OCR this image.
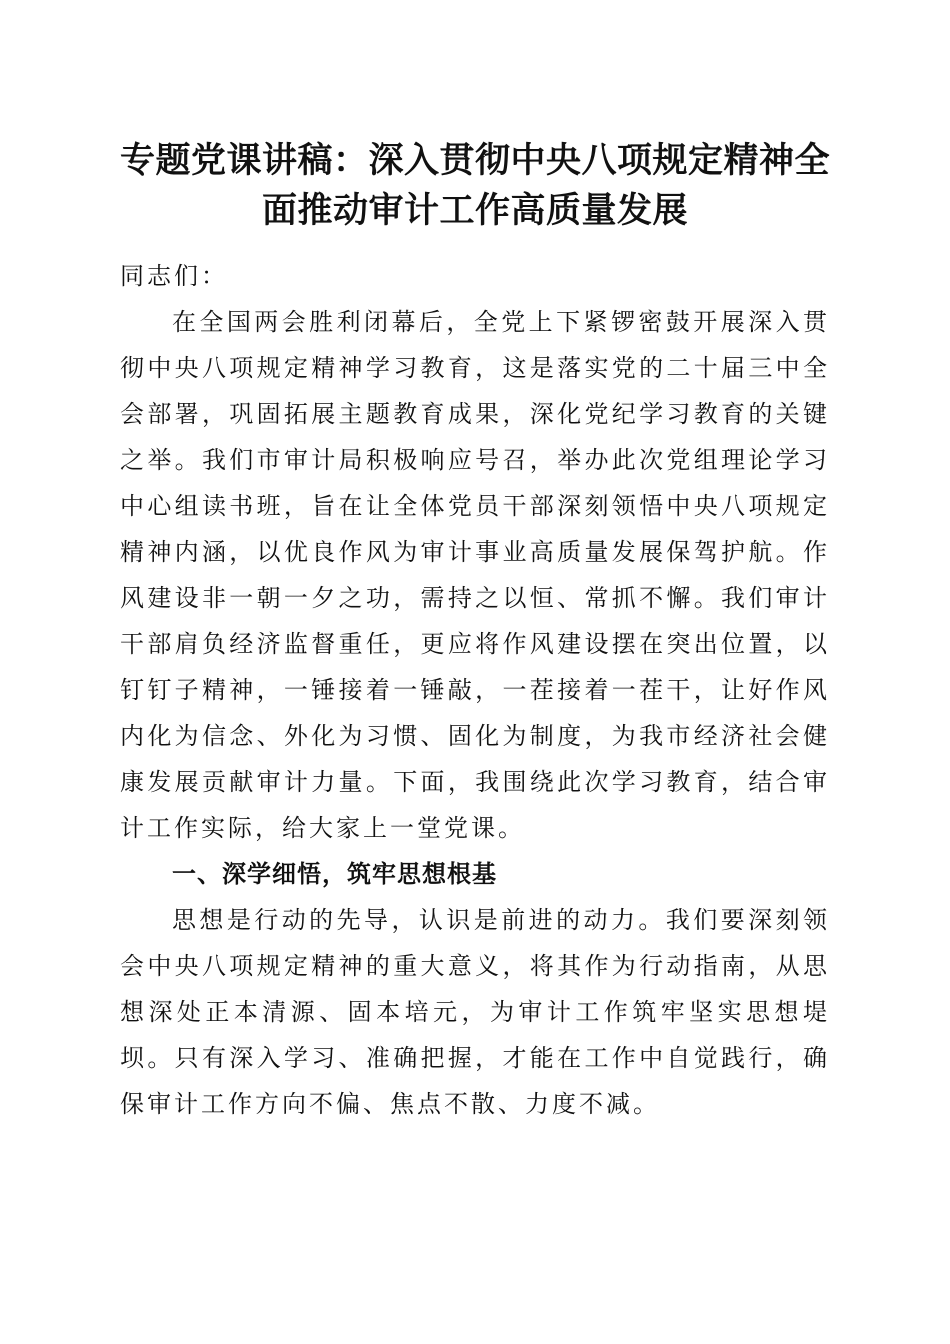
专题党课讲稿：深入贯彻中央八项规定精神全面推动审计工作高质量发展

同志们：

在全国两会胜利闭幕后，全党上下紧锣密鼓开展深入贯彻中央八项规定精神学习教育，这是落实党的二十届三中全会部署，巩固拓展主题教育成果，深化党纪学习教育的关键之举。我们市审计局积极响应号召，举办此次党组理论学习中心组读书班，旨在让全体党员干部深刻领悟中央八项规定精神内涵，以优良作风为审计事业高质量发展保驾护航。作风建设非一朝一夕之功，需持之以恒、常抓不懈。我们审计干部肩负经济监督重任，更应将作风建设摆在突出位置，以钉钉子精神，一锤接着一锤敲，一茬接着一茬干，让好作风内化为信念、外化为习惯、固化为制度，为我市经济社会健康发展贡献审计力量。下面，我围绕此次学习教育，结合审计工作实际，给大家上一堂党课。

一、深学细悟，筑牢思想根基

思想是行动的先导，认识是前进的动力。我们要深刻领会中央八项规定精神的重大意义，将其作为行动指南，从思想深处正本清源、固本培元，为审计工作筑牢坚实思想堤坝。只有深入学习、准确把握，才能在工作中自觉践行，确保审计工作方向不偏、焦点不散、力度不减。
